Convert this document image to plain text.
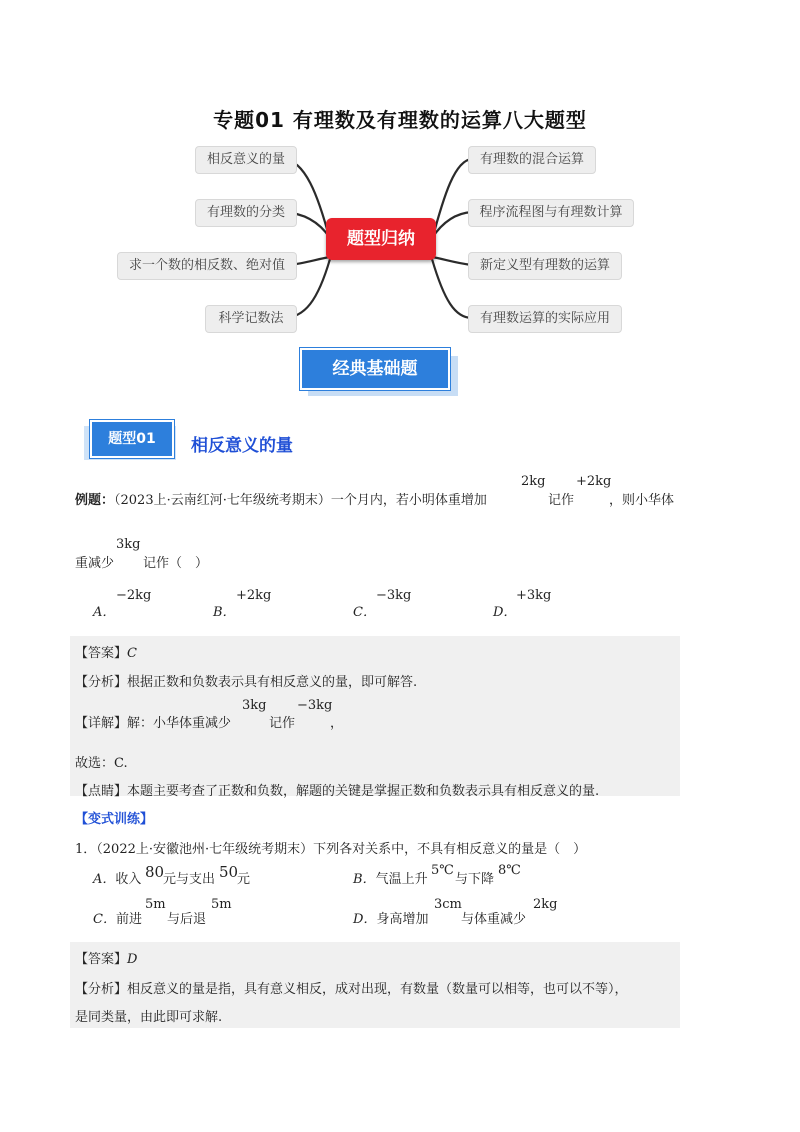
专题01 有理数及有理数的运算八大题型
相反意义的量
有理数的分类
求一个数的相反数、绝对值
科学记数法
有理数的混合运算
程序流程图与有理数计算
新定义型有理数的运算
有理数运算的实际应用
题型归纳
经典基础题
题型01	相反意义的量
例题：（2023上·云南红河·七年级统考期末）一个月内，若小明体重增加
2kg
记作
+2kg
，则小华体
重减少
3kg
记作（　）
A．
−2kg
B．
+2kg
C．
−3kg
D．
+3kg
【答案】C
【分析】根据正数和负数表示具有相反意义的量，即可解答.
【详解】解：小华体重减少
3kg
记作
−3kg
，
故选：C.
【点睛】本题主要考查了正数和负数，解题的关键是掌握正数和负数表示具有相反意义的量.
【变式训练】
1．（2022上·安徽池州·七年级统考期末）下列各对关系中，不具有相反意义的量是（　）
A．收入 80
元与支出 50
元	B．气温上升
5℃
与下降
8℃
C．前进
5m
与后退
5m
D．身高增加
3cm
与体重减少
2kg
【答案】D
【分析】相反意义的量是指，具有意义相反，成对出现，有数量（数量可以相等，也可以不等），
是同类量，由此即可求解.
